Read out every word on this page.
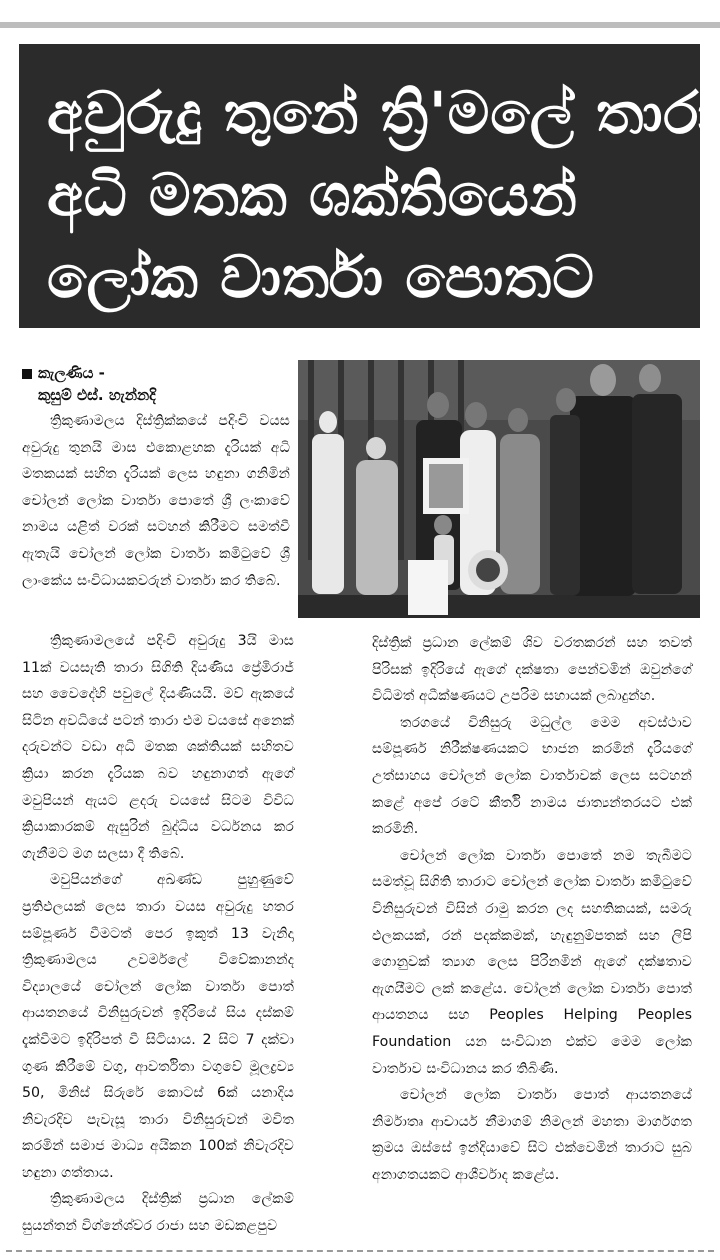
අවුරුදු තුනේ ත්‍රි'මලේ තාරා
අධි මතක ශක්තියෙන්
ලෝක වාර්තා පොතට
කැලණිය -
කුසුම් එස්. හැන්නදි

ත්‍රිකුණාමලය දිස්ත්‍රික්කයේ පදිංචි වයස අවුරුදු තුනයි මාස එකොළහක දැරියක් අධි මතකයක් සහිත දැරියක් ලෙස හඳුනා ගනිමින් චෝලන් ලෝක වාර්තා පොතේ ශ්‍රී ලංකාවේ නාමය යළිත් වරක් සටහන් කිරීමට සමත්වී ඇතැයි චෝලන් ලෝක වාර්තා කමිටුවේ ශ්‍රී ලාංකේය සංවිධායකවරුන් වාර්තා කර තිබේ.

ත්‍රිකුණාමලයේ පදිංචි අවුරුදු 3යි මාස 11ක් වයසැති තාරා සිගිති දියණිය ප්‍රේමිරාජ් සහ වෛදේහි පවුලේ දියණියයි. මව් ඇකයේ සිටින අවධියේ පටන් තාරා එම වයසේ අනෙක් දරුවන්ට වඩා අධි මතක ශක්තියක් සහිතව ක්‍රියා කරන දැරියක බව හඳුනාගත් ඇගේ මවුපියන් ඇයට ළදරු වයසේ සිටම විවිධ ක්‍රියාකාරකම් ඇසුරින් බුද්ධිය වර්ධනය කර ගැනීමට මග සලසා දී තිබේ.

මවුපියන්ගේ අඛණ්ඩ පුහුණුවේ ප්‍රතිඵලයක් ලෙස තාරා වයස අවුරුදු හතර සම්පූර්ණ වීමටත් පෙර ඉකුත් 13 වැනිදා ත්‍රිකුණාමලය උවර්මලේ විවේකානන්ද විද්‍යාලයේ චෝලන් ලෝක වාර්තා පොත් ආයතනයේ විනිසුරුවන් ඉදිරියේ සිය දස්කම් දැක්වීමට ඉදිරිපත් වී සිටියාය. 2 සිට 7 දක්වා ගුණ කිරීමේ වගු, ආවර්තිතා වගුවේ මූලද්‍රව්‍ය 50, මිනිස් සිරුරේ කොටස් 6ක් යනාදිය නිවැරදිව පැවැසූ තාරා විනිසුරුවන් මවිත කරමින් සමාජ මාධ්‍ය අයිකන 100ක් නිවැරදිව හඳුනා ගත්තාය.

ත්‍රිකුණාමලය දිස්ත්‍රික් ප්‍රධාන ලේකම් සුයන්තන් විග්නේශ්වර රාජා සහ මඩකළපුව

දිස්ත්‍රික් ප්‍රධාන ලේකම් ශිව වරතකරන් සහ තවත් පිරිසක් ඉදිරියේ ඇගේ දක්ෂතා පෙන්වමින් ඔවුන්ගේ විධිමත් අධීක්ෂණයට උපරිම සහායක් ලබාදුන්හ.

තරගයේ විනිසුරු මධුල්ල මෙම අවස්ථාව සම්පූර්ණ නිරීක්ෂණයකට භාජන කරමින් දැරියගේ උත්සාහය චෝලන් ලෝක වාර්තාවක් ලෙස සටහන් කළේ අපේ රටේ කීර්ති නාමය ජාත්‍යන්තරයට එක් කරමිනි.

චෝලන් ලෝක වාර්තා පොතේ නම තැබීමට සමත්වූ සිගිති තාරාට චෝලන් ලෝක වාර්තා කමිටුවේ විනිසුරුවන් විසින් රාමු කරන ලද සහතිකයක්, සමරු ඵලකයක්, රන් පදක්කමක්, හැඳුනුම්පතක් සහ ලිපි ගොනුවක් ත්‍යාග ලෙස පිරිනමින් ඇගේ දක්ෂතාව ඇගයීමට ලක් කළේය. චෝලන් ලෝක වාර්තා පොත් ආයතනය සහ Peoples Helping Peoples Foundation යන සංවිධාන එක්ව මෙම ලෝක වාර්තාව සංවිධානය කර තිබිණි.

චෝලන් ලෝක වාර්තා පොත් ආයතනයේ නිර්මාතෘ ආචාර්ය නීමාගම් නිමලන් මහතා මාර්ගගත ක්‍රමය ඔස්සේ ඉන්දියාවේ සිට එක්වෙමින් තාරාට සුබ අනාගතයකට ආශීර්වාද කළේය.
